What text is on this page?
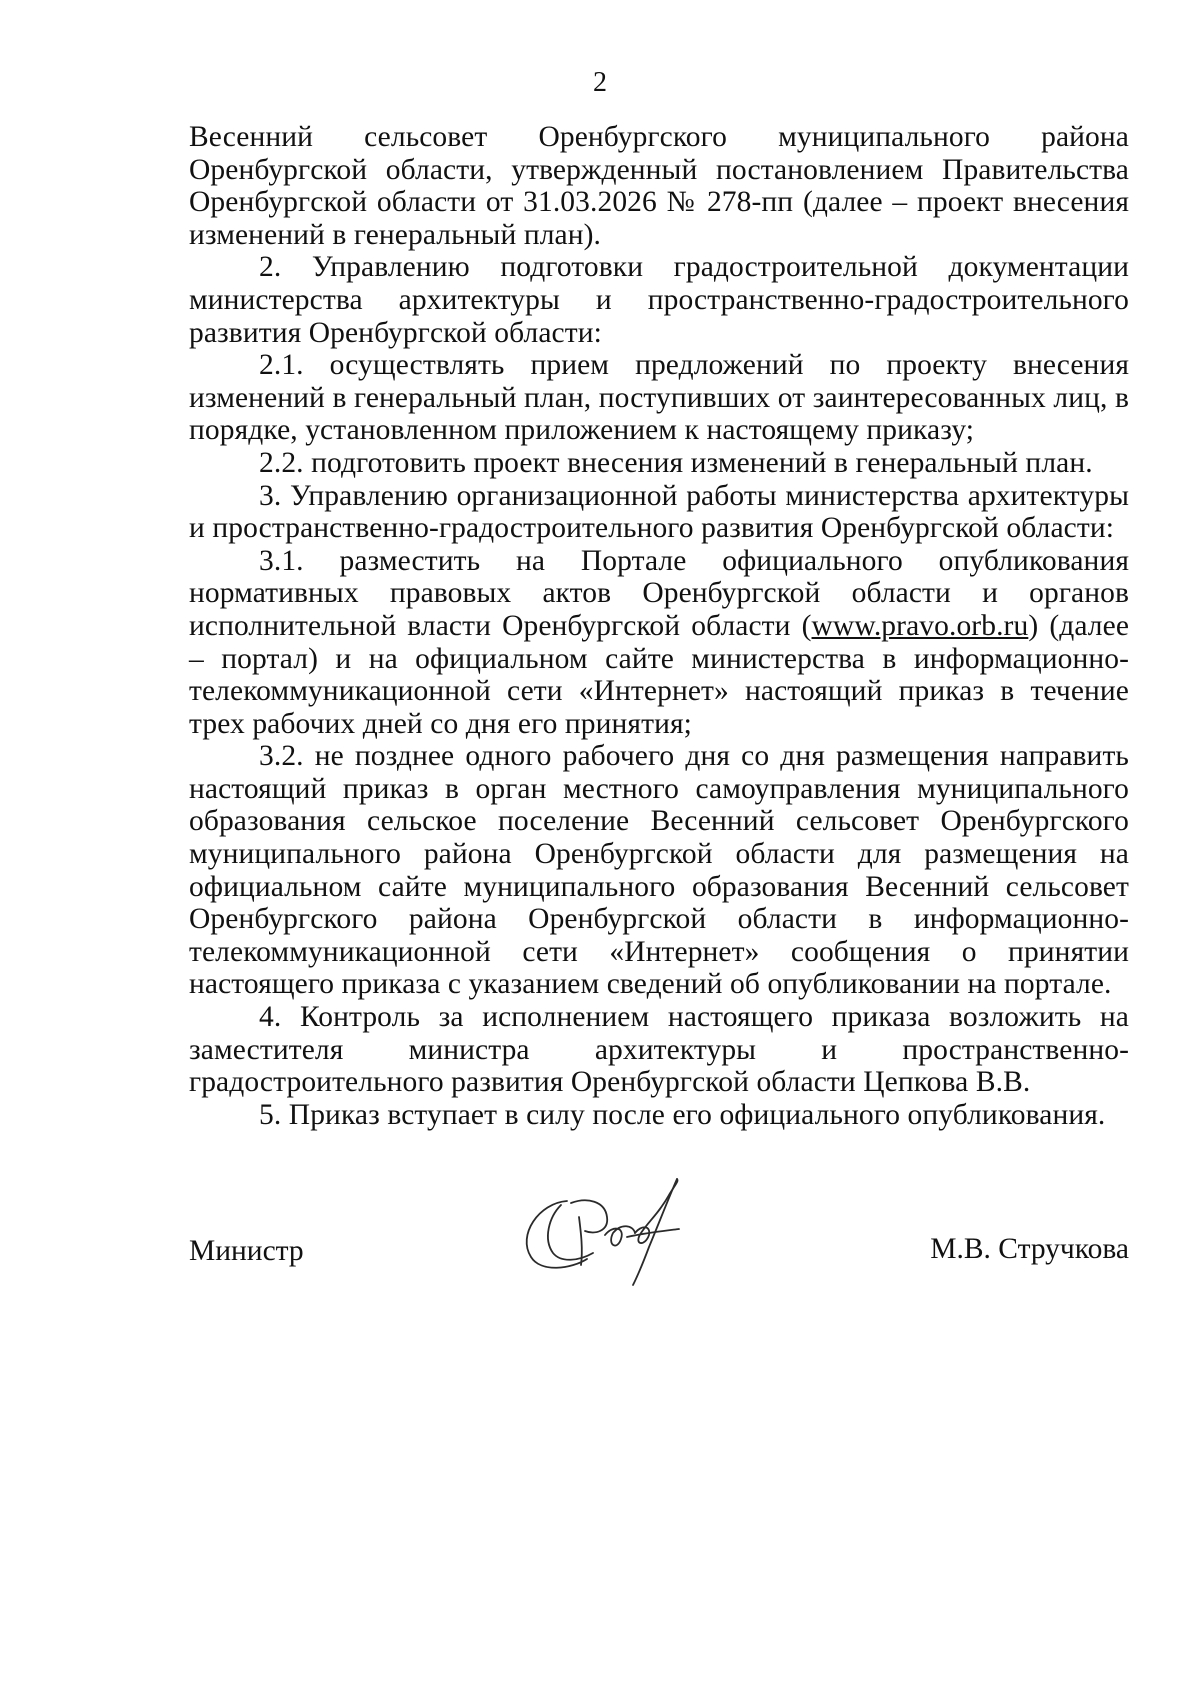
2

Весенний сельсовет Оренбургского муниципального района Оренбургской области, утвержденный постановлением Правительства Оренбургской области от 31.03.2026 № 278-пп (далее – проект внесения изменений в генеральный план).

2. Управлению подготовки градостроительной документации министерства архитектуры и пространственно-градостроительного развития Оренбургской области:

2.1. осуществлять прием предложений по проекту внесения изменений в генеральный план, поступивших от заинтересованных лиц, в порядке, установленном приложением к настоящему приказу;

2.2. подготовить проект внесения изменений в генеральный план.

3. Управлению организационной работы министерства архитектуры и пространственно-градостроительного развития Оренбургской области:

3.1. разместить на Портале официального опубликования нормативных правовых актов Оренбургской области и органов исполнительной власти Оренбургской области (www.pravo.orb.ru) (далее – портал) и на официальном сайте министерства в информационно-телекоммуникационной сети «Интернет» настоящий приказ в течение трех рабочих дней со дня его принятия;

3.2. не позднее одного рабочего дня со дня размещения направить настоящий приказ в орган местного самоуправления муниципального образования сельское поселение Весенний сельсовет Оренбургского муниципального района Оренбургской области для размещения на официальном сайте муниципального образования Весенний сельсовет Оренбургского района Оренбургской области в информационно-телекоммуникационной сети «Интернет» сообщения о принятии настоящего приказа с указанием сведений об опубликовании на портале.

4. Контроль за исполнением настоящего приказа возложить на заместителя министра архитектуры и пространственно-градостроительного развития Оренбургской области Цепкова В.В.

5. Приказ вступает в силу после его официального опубликования.

Министр	М.В. Стручкова
